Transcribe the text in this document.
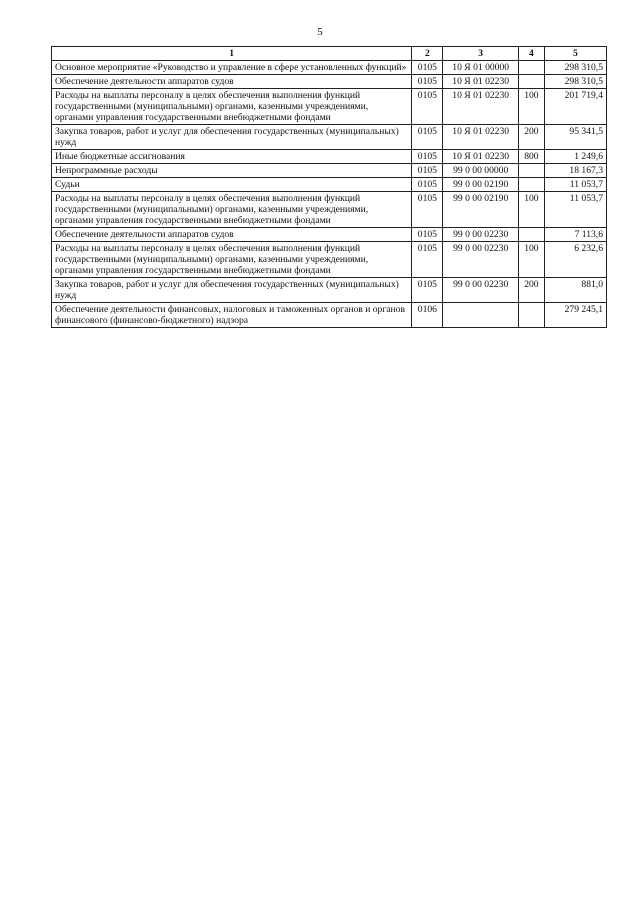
5
1	2	3	4	5
Основное мероприятие «Руководство и управление в сфере установленных функций»	0105	10 Я 01 00000		298 310,5
Обеспечение деятельности аппаратов судов	0105	10 Я 01 02230		298 310,5
Расходы на выплаты персоналу в целях обеспечения выполнения функций государственными (муниципальными) органами, казенными учреждениями, органами управления государственными внебюджетными фондами	0105	10 Я 01 02230	100	201 719,4
Закупка товаров, работ и услуг для обеспечения государственных (муниципальных) нужд	0105	10 Я 01 02230	200	95 341,5
Иные бюджетные ассигнования	0105	10 Я 01 02230	800	1 249,6
Непрограммные расходы	0105	99 0 00 00000		18 167,3
Судьи	0105	99 0 00 02190		11 053,7
Расходы на выплаты персоналу в целях обеспечения выполнения функций государственными (муниципальными) органами, казенными учреждениями, органами управления государственными внебюджетными фондами	0105	99 0 00 02190	100	11 053,7
Обеспечение деятельности аппаратов судов	0105	99 0 00 02230		7 113,6
Расходы на выплаты персоналу в целях обеспечения выполнения функций государственными (муниципальными) органами, казенными учреждениями, органами управления государственными внебюджетными фондами	0105	99 0 00 02230	100	6 232,6
Закупка товаров, работ и услуг для обеспечения государственных (муниципальных) нужд	0105	99 0 00 02230	200	881,0
Обеспечение деятельности финансовых, налоговых и таможенных органов и органов финансового (финансово-бюджетного) надзора	0106			279 245,1
